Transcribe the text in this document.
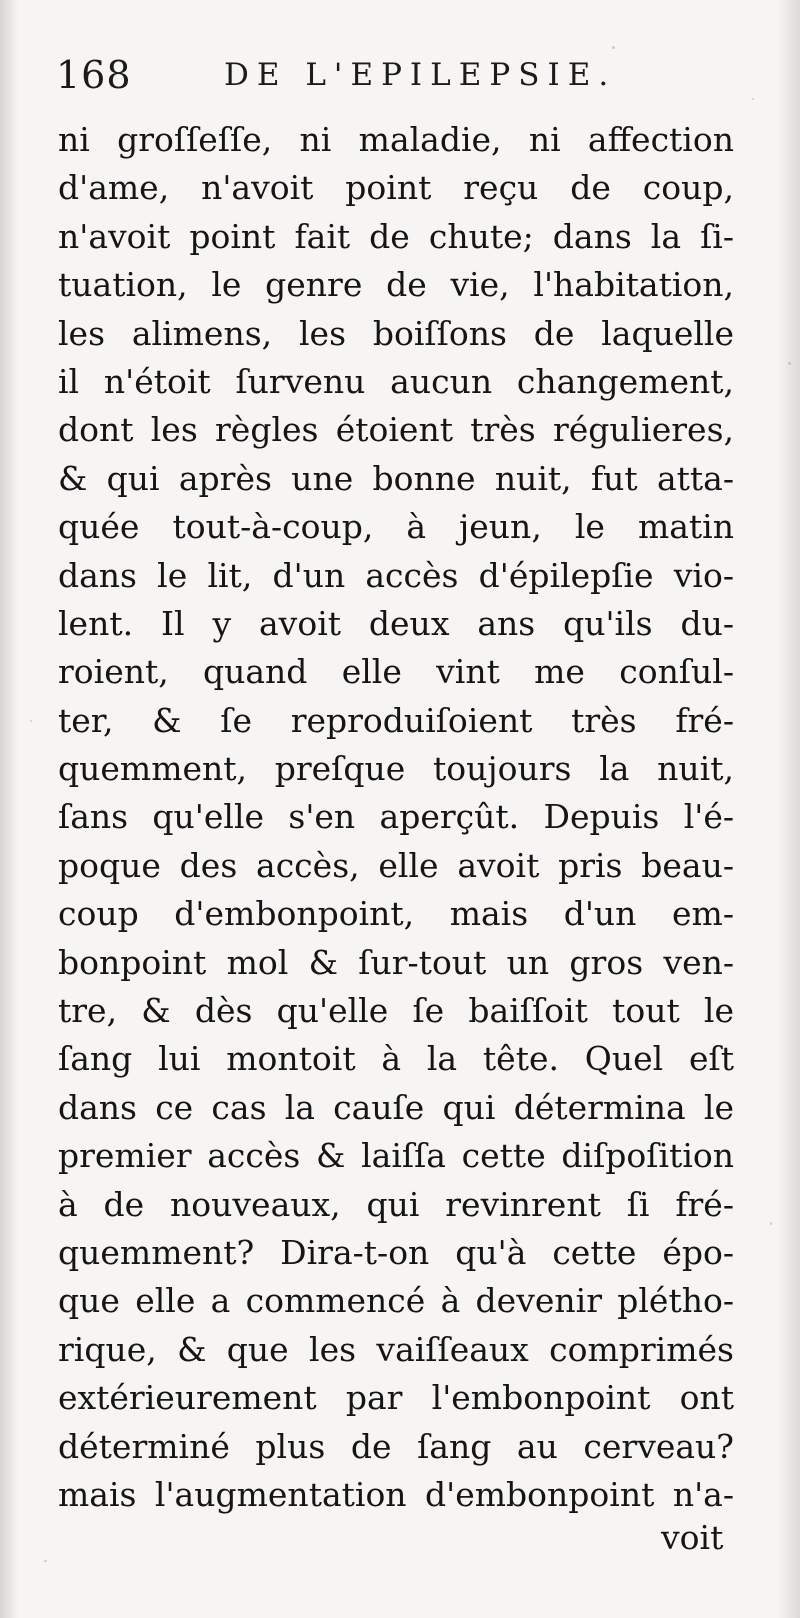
168	DE L'EPILEPSIE.
ni groſſeſſe, ni maladie, ni affection
d'ame, n'avoit point reçu de coup,
n'avoit point fait de chute; dans la ſi-
tuation, le genre de vie, l'habitation,
les alimens, les boiſſons de laquelle
il n'étoit ſurvenu aucun changement,
dont les règles étoient très régulieres,
& qui après une bonne nuit, fut atta-
quée tout-à-coup, à jeun, le matin
dans le lit, d'un accès d'épilepſie vio-
lent. Il y avoit deux ans qu'ils du-
roient, quand elle vint me conſul-
ter, & ſe reproduiſoient très fré-
quemment, preſque toujours la nuit,
ſans qu'elle s'en aperçût. Depuis l'é-
poque des accès, elle avoit pris beau-
coup d'embonpoint, mais d'un em-
bonpoint mol & ſur-tout un gros ven-
tre, & dès qu'elle ſe baiſſoit tout le
ſang lui montoit à la tête. Quel eſt
dans ce cas la cauſe qui détermina le
premier accès & laiſſa cette diſpoſition
à de nouveaux, qui revinrent ſi fré-
quemment? Dira-t-on qu'à cette épo-
que elle a commencé à devenir plétho-
rique, & que les vaiſſeaux comprimés
extérieurement par l'embonpoint ont
déterminé plus de ſang au cerveau?
mais l'augmentation d'embonpoint n'a-
voit
